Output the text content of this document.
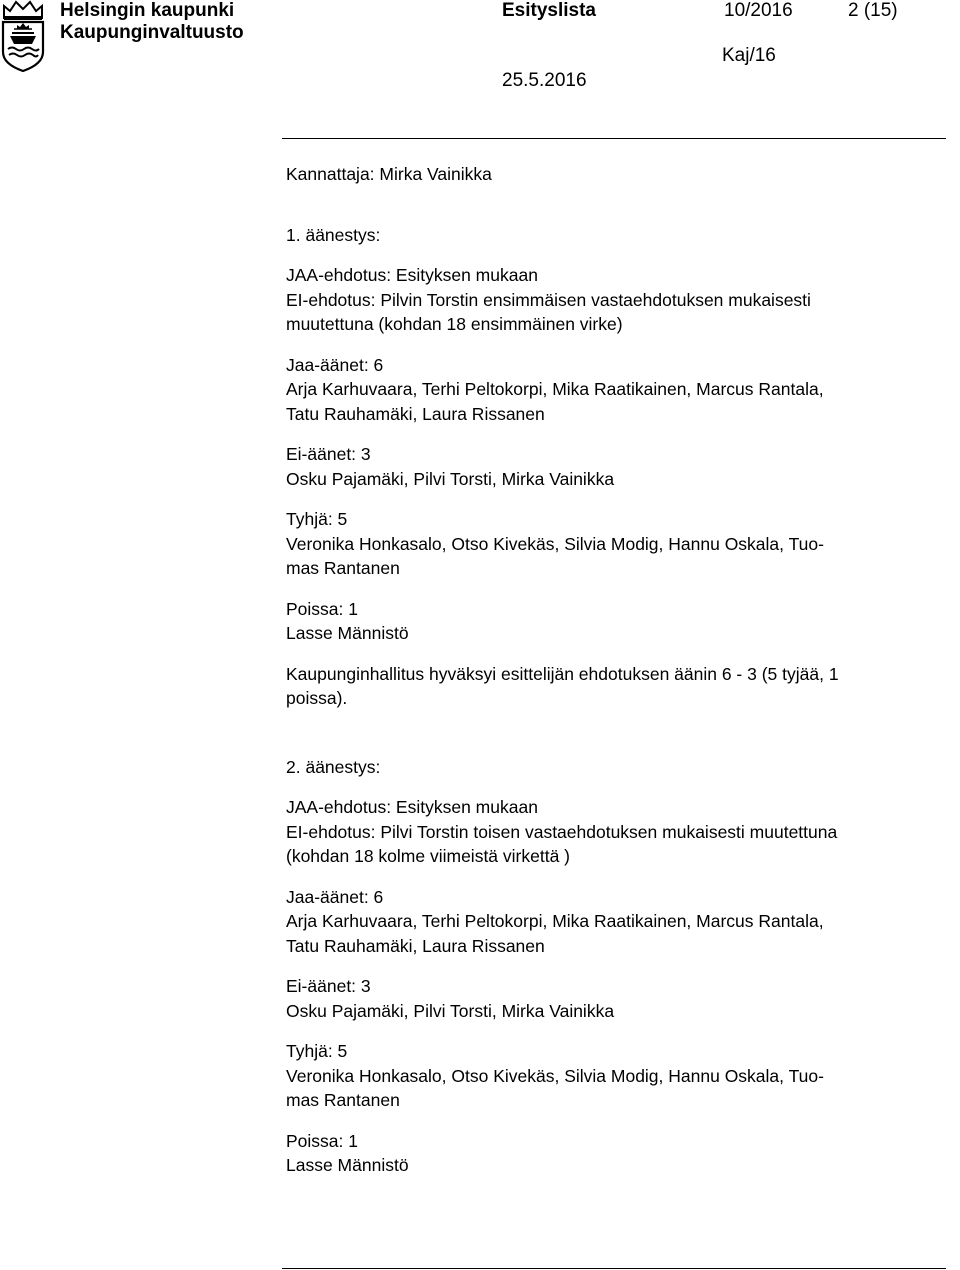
Helsingin kaupunki
Kaupunginvaltuusto
Esityslista	10/2016	2 (15)
Kaj/16
25.5.2016
Kannattaja: Mirka Vainikka
1. äänestys:
JAA-ehdotus: Esityksen mukaan
EI-ehdotus: Pilvin Torstin ensimmäisen vastaehdotuksen mukaisesti
muutettuna (kohdan 18 ensimmäinen virke)
Jaa-äänet: 6
Arja Karhuvaara, Terhi Peltokorpi, Mika Raatikainen, Marcus Rantala,
Tatu Rauhamäki, Laura Rissanen
Ei-äänet: 3
Osku Pajamäki, Pilvi Torsti, Mirka Vainikka
Tyhjä: 5
Veronika Honkasalo, Otso Kivekäs, Silvia Modig, Hannu Oskala, Tuo-
mas Rantanen
Poissa: 1
Lasse Männistö
Kaupunginhallitus hyväksyi esittelijän ehdotuksen äänin 6 - 3 (5 tyjää, 1
poissa).
2. äänestys:
JAA-ehdotus: Esityksen mukaan
EI-ehdotus: Pilvi Torstin toisen vastaehdotuksen mukaisesti muutettuna
(kohdan 18 kolme viimeistä virkettä )
Jaa-äänet: 6
Arja Karhuvaara, Terhi Peltokorpi, Mika Raatikainen, Marcus Rantala,
Tatu Rauhamäki, Laura Rissanen
Ei-äänet: 3
Osku Pajamäki, Pilvi Torsti, Mirka Vainikka
Tyhjä: 5
Veronika Honkasalo, Otso Kivekäs, Silvia Modig, Hannu Oskala, Tuo-
mas Rantanen
Poissa: 1
Lasse Männistö
